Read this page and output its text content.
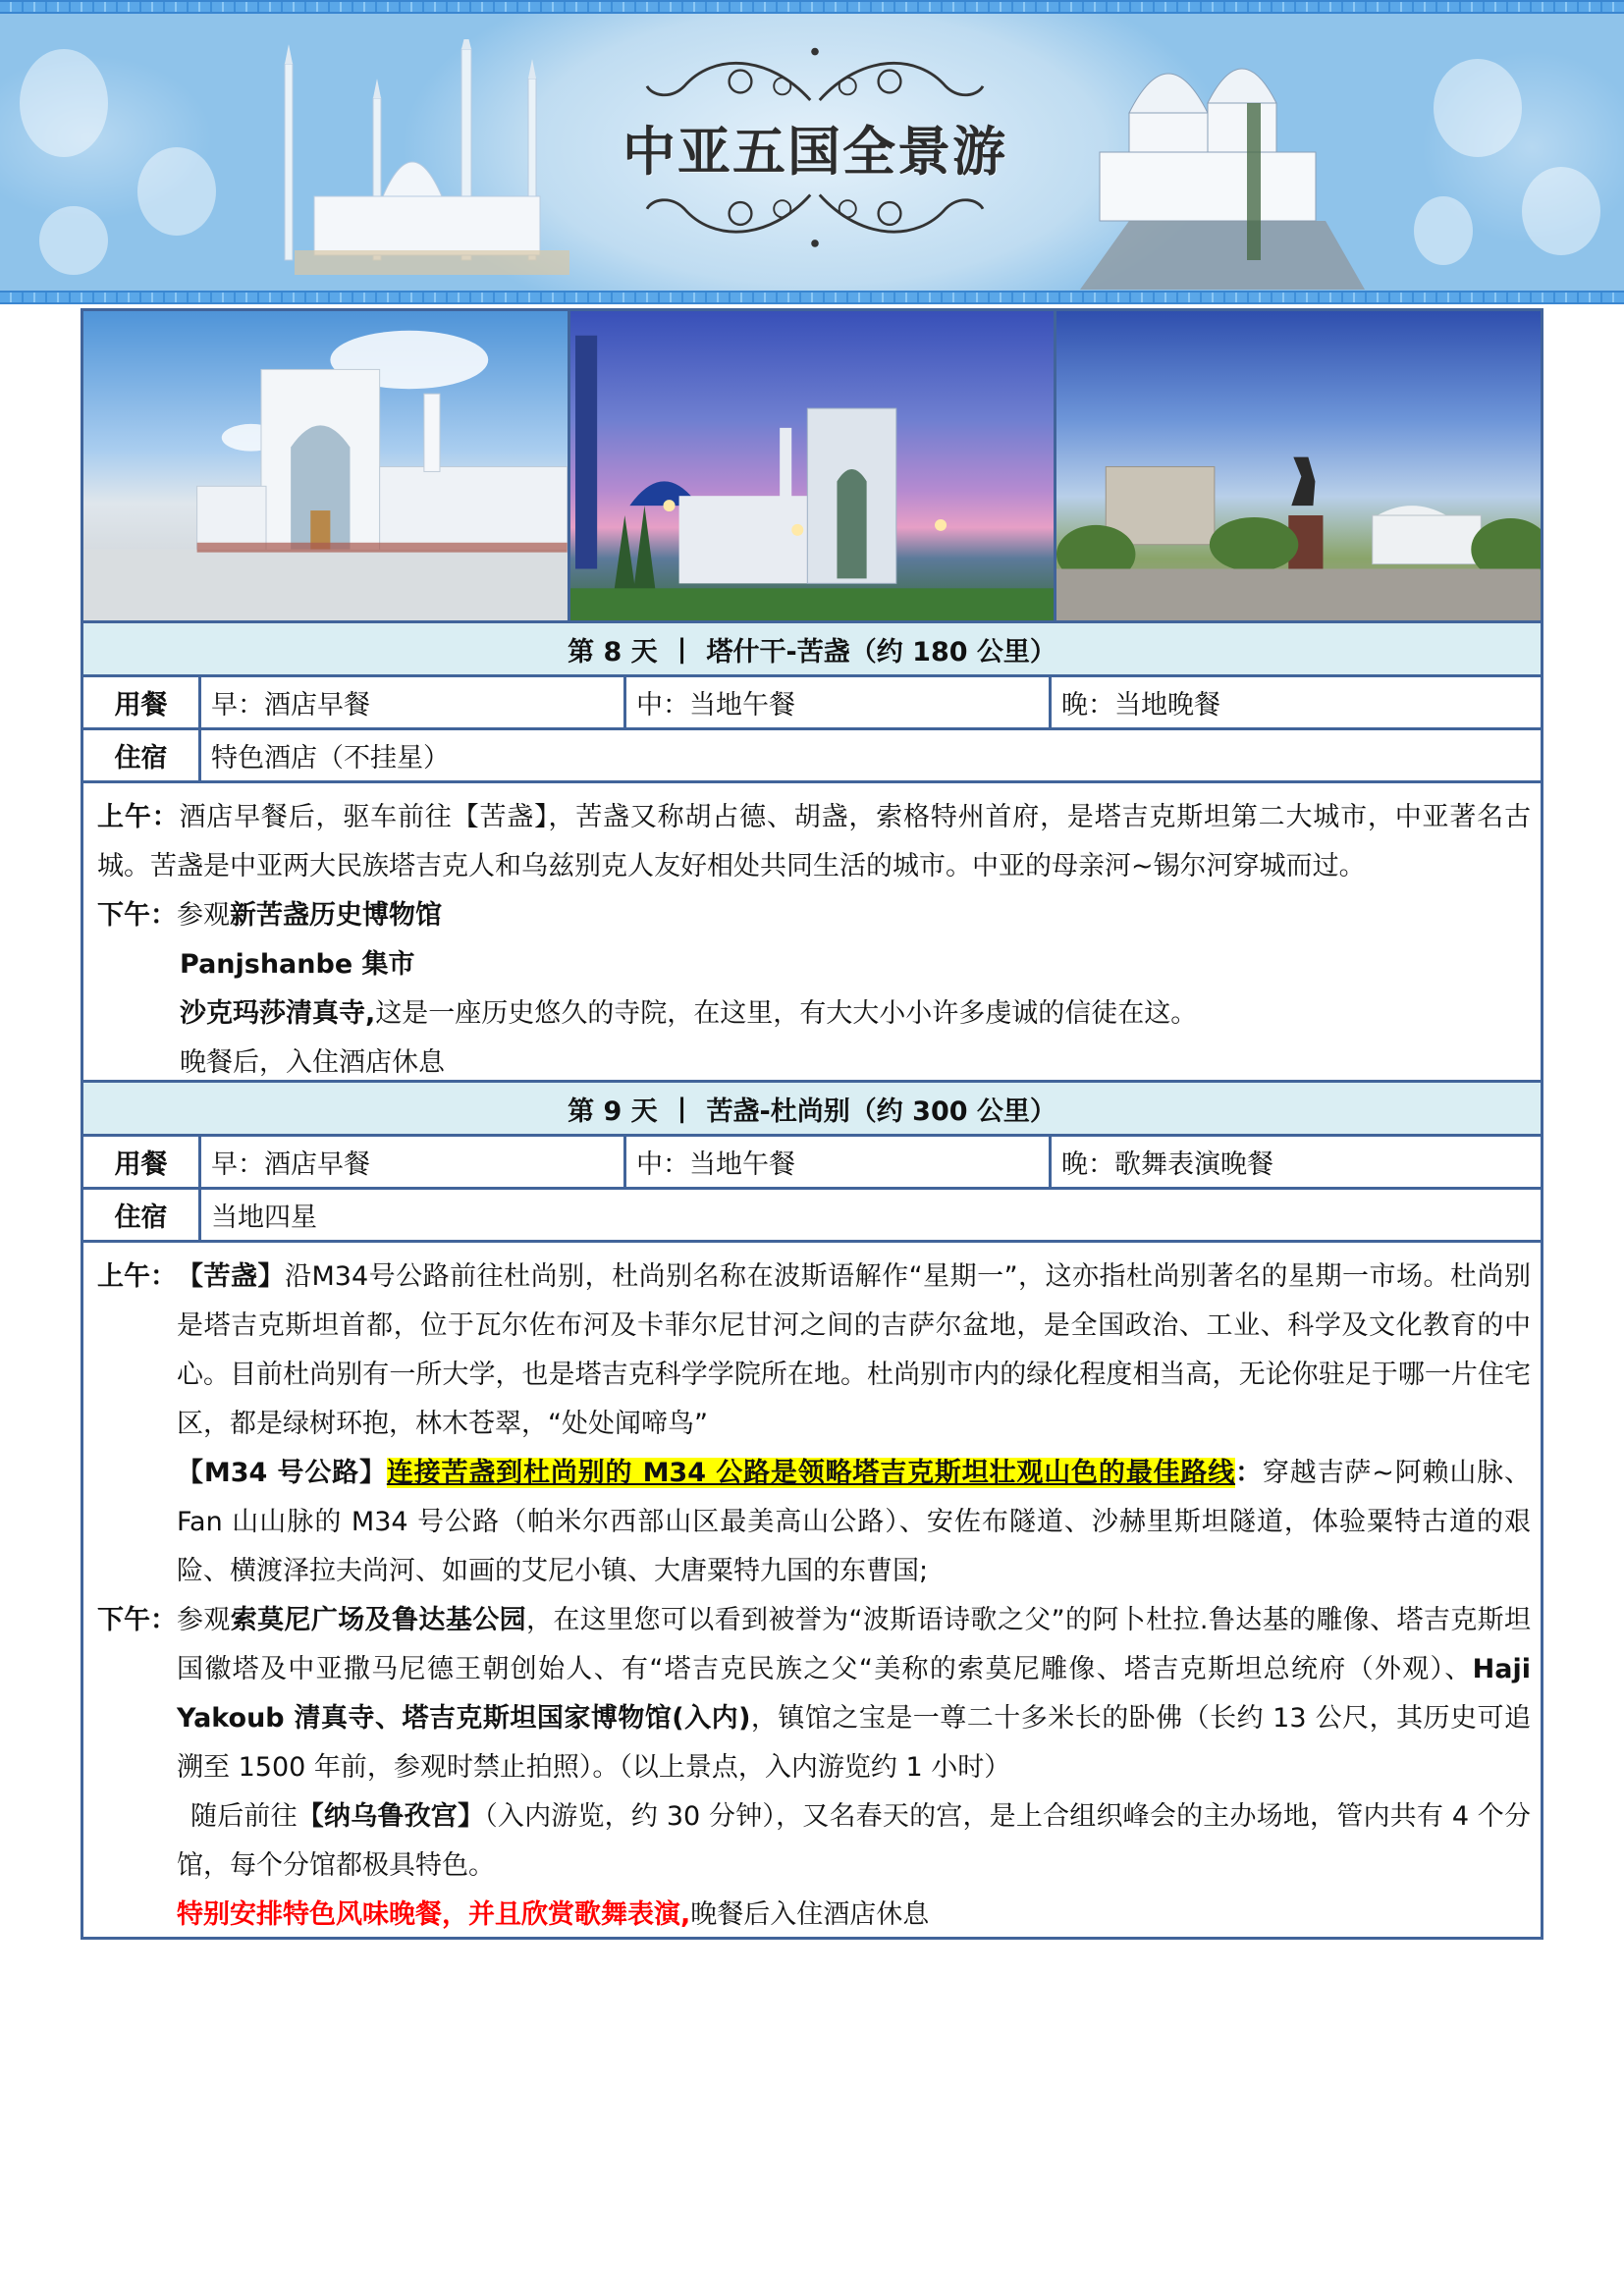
中亚五国全景游
第 8 天 | 塔什干-苦盏（约 180 公里）
用餐	早：酒店早餐	中：当地午餐	晚：当地晚餐
住宿	特色酒店（不挂星）
上午：酒店早餐后，驱车前往【苦盏】，苦盏又称胡占德、胡盏，索格特州首府，是塔吉克斯坦第二大城市，中亚著名古城。苦盏是中亚两大民族塔吉克人和乌兹别克人友好相处共同生活的城市。中亚的母亲河~锡尔河穿城而过。
下午：参观新苦盏历史博物馆
Panjshanbe 集市
沙克玛莎清真寺,这是一座历史悠久的寺院，在这里，有大大小小许多虔诚的信徒在这。
晚餐后，入住酒店休息
第 9 天 | 苦盏-杜尚别（约 300 公里）
用餐	早：酒店早餐	中：当地午餐	晚：歌舞表演晚餐
住宿	当地四星
上午： 【苦盏】沿M34号公路前往杜尚别，杜尚别名称在波斯语解作“星期一”，这亦指杜尚别著名的星期一市场。杜尚别是塔吉克斯坦首都，位于瓦尔佐布河及卡菲尔尼甘河之间的吉萨尔盆地，是全国政治、工业、科学及文化教育的中心。目前杜尚别有一所大学，也是塔吉克科学学院所在地。杜尚别市内的绿化程度相当高，无论你驻足于哪一片住宅区，都是绿树环抱，林木苍翠，“处处闻啼鸟”
【M34 号公路】连接苦盏到杜尚别的 M34 公路是领略塔吉克斯坦壮观山色的最佳路线：穿越吉萨~阿赖山脉、Fan 山山脉的 M34 号公路（帕米尔西部山区最美高山公路）、安佐布隧道、沙赫里斯坦隧道，体验粟特古道的艰险、横渡泽拉夫尚河、如画的艾尼小镇、大唐粟特九国的东曹国;
下午： 参观索莫尼广场及鲁达基公园，在这里您可以看到被誉为“波斯语诗歌之父”的阿卜杜拉.鲁达基的雕像、塔吉克斯坦国徽塔及中亚撒马尼德王朝创始人、有“塔吉克民族之父“美称的索莫尼雕像、塔吉克斯坦总统府（外观）、Haji Yakoub 清真寺、塔吉克斯坦国家博物馆(入内)，镇馆之宝是一尊二十多米长的卧佛（长约 13 公尺，其历史可追溯至 1500 年前，参观时禁止拍照）。（以上景点，入内游览约 1 小时）
随后前往【纳乌鲁孜宫】（入内游览，约 30 分钟），又名春天的宫，是上合组织峰会的主办场地，管内共有 4 个分馆，每个分馆都极具特色。
特别安排特色风味晚餐，并且欣赏歌舞表演,晚餐后入住酒店休息
